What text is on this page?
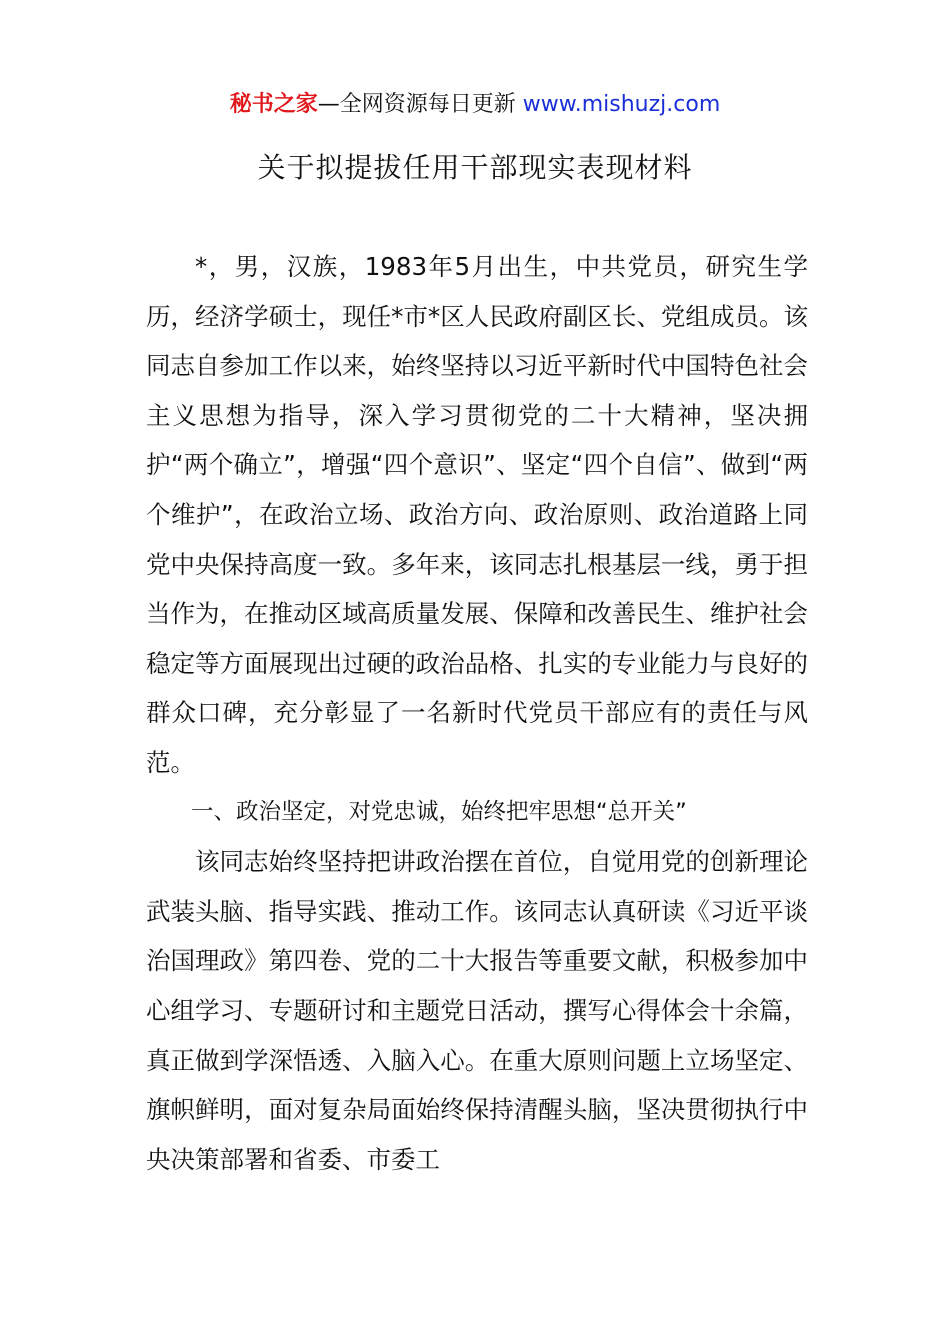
秘书之家—全网资源每日更新 www.mishuzj.com
关于拟提拔任用干部现实表现材料

*，男，汉族，1983年5月出生，中共党员，研究生学历，经济学硕士，现任*市*区人民政府副区长、党组成员。该同志自参加工作以来，始终坚持以习近平新时代中国特色社会主义思想为指导，深入学习贯彻党的二十大精神，坚决拥护“两个确立”，增强“四个意识”、坚定“四个自信”、做到“两个维护”，在政治立场、政治方向、政治原则、政治道路上同党中央保持高度一致。多年来，该同志扎根基层一线，勇于担当作为，在推动区域高质量发展、保障和改善民生、维护社会稳定等方面展现出过硬的政治品格、扎实的专业能力与良好的群众口碑，充分彰显了一名新时代党员干部应有的责任与风范。

一、政治坚定，对党忠诚，始终把牢思想“总开关”

该同志始终坚持把讲政治摆在首位，自觉用党的创新理论武装头脑、指导实践、推动工作。该同志认真研读《习近平谈治国理政》第四卷、党的二十大报告等重要文献，积极参加中心组学习、专题研讨和主题党日活动，撰写心得体会十余篇，真正做到学深悟透、入脑入心。在重大原则问题上立场坚定、旗帜鲜明，面对复杂局面始终保持清醒头脑，坚决贯彻执行中央决策部署和省委、市委工
